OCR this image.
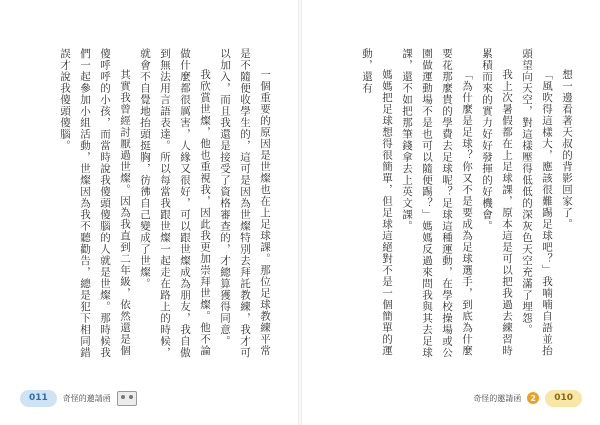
一個重要的原因是世燦也在上足球課。那位足球教練平常是不隨便收學生的，這可是因為世燦特別去拜託教練，我才可以加入，而且我還是接受了資格審查的，才總算獲得同意。

我欣賞世燦，他也重視我，因此我更加崇拜世燦。他不論做什麼都很厲害，人緣又很好，可以跟世燦成為朋友，我自傲到無法用言語表達。所以每當我跟世燦一起走在路上的時候，就會不自覺地抬頭挺胸，彷彿自己變成了世燦。

其實我曾經討厭過世燦。因為我直到二年級，依然還是個傻呼呼的小孩，而當時說我傻頭傻腦的人就是世燦。那時候我們一起參加小組活動，世燦因為我不聽勸告，總是犯下相同錯誤才說我傻頭傻腦。

011	奇怪的邀請函

想一邊看著天叔的背影回家了。

「風吹得這樣大，應該很難踢足球吧？」我喃喃自語並抬頭望向天空，對這樣壓得低低的深灰色天空充滿了埋怨。

我上次暑假都在上足球課，原本這是可以把我過去練習時累積而來的實力好好發揮的好機會。

「為什麼是足球？你又不是要成為足球選手，到底為什麼要花那麼貴的學費去足球呢？足球這種運動，在學校操場或公園做運動場不是也可以隨便踢？」媽媽反過來問我與其去足球課，還不如把那筆錢拿去上英文課。

媽媽把足球想得很簡單，但足球這絕對不是一個簡單的運動，還有

奇怪的邀請函	2	010
